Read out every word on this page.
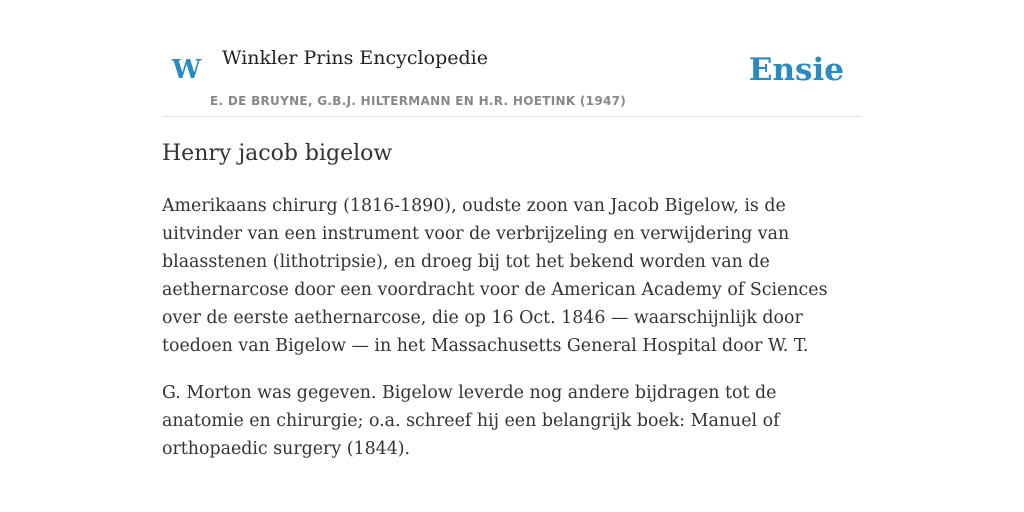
W Winkler Prins Encyclopedie
E. DE BRUYNE, G.B.J. HILTERMANN EN H.R. HOETINK (1947)
Ensie
Henry jacob bigelow

Amerikaans chirurg (1816-1890), oudste zoon van Jacob Bigelow, is de uitvinder van een instrument voor de verbrijzeling en verwijdering van blaasstenen (lithotripsie), en droeg bij tot het bekend worden van de aethernarcose door een voordracht voor de American Academy of Sciences over de eerste aethernarcose, die op 16 Oct. 1846 — waarschijnlijk door toedoen van Bigelow — in het Massachusetts General Hospital door W. T.

G. Morton was gegeven. Bigelow leverde nog andere bijdragen tot de anatomie en chirurgie; o.a. schreef hij een belangrijk boek: Manuel of orthopaedic surgery (1844).
